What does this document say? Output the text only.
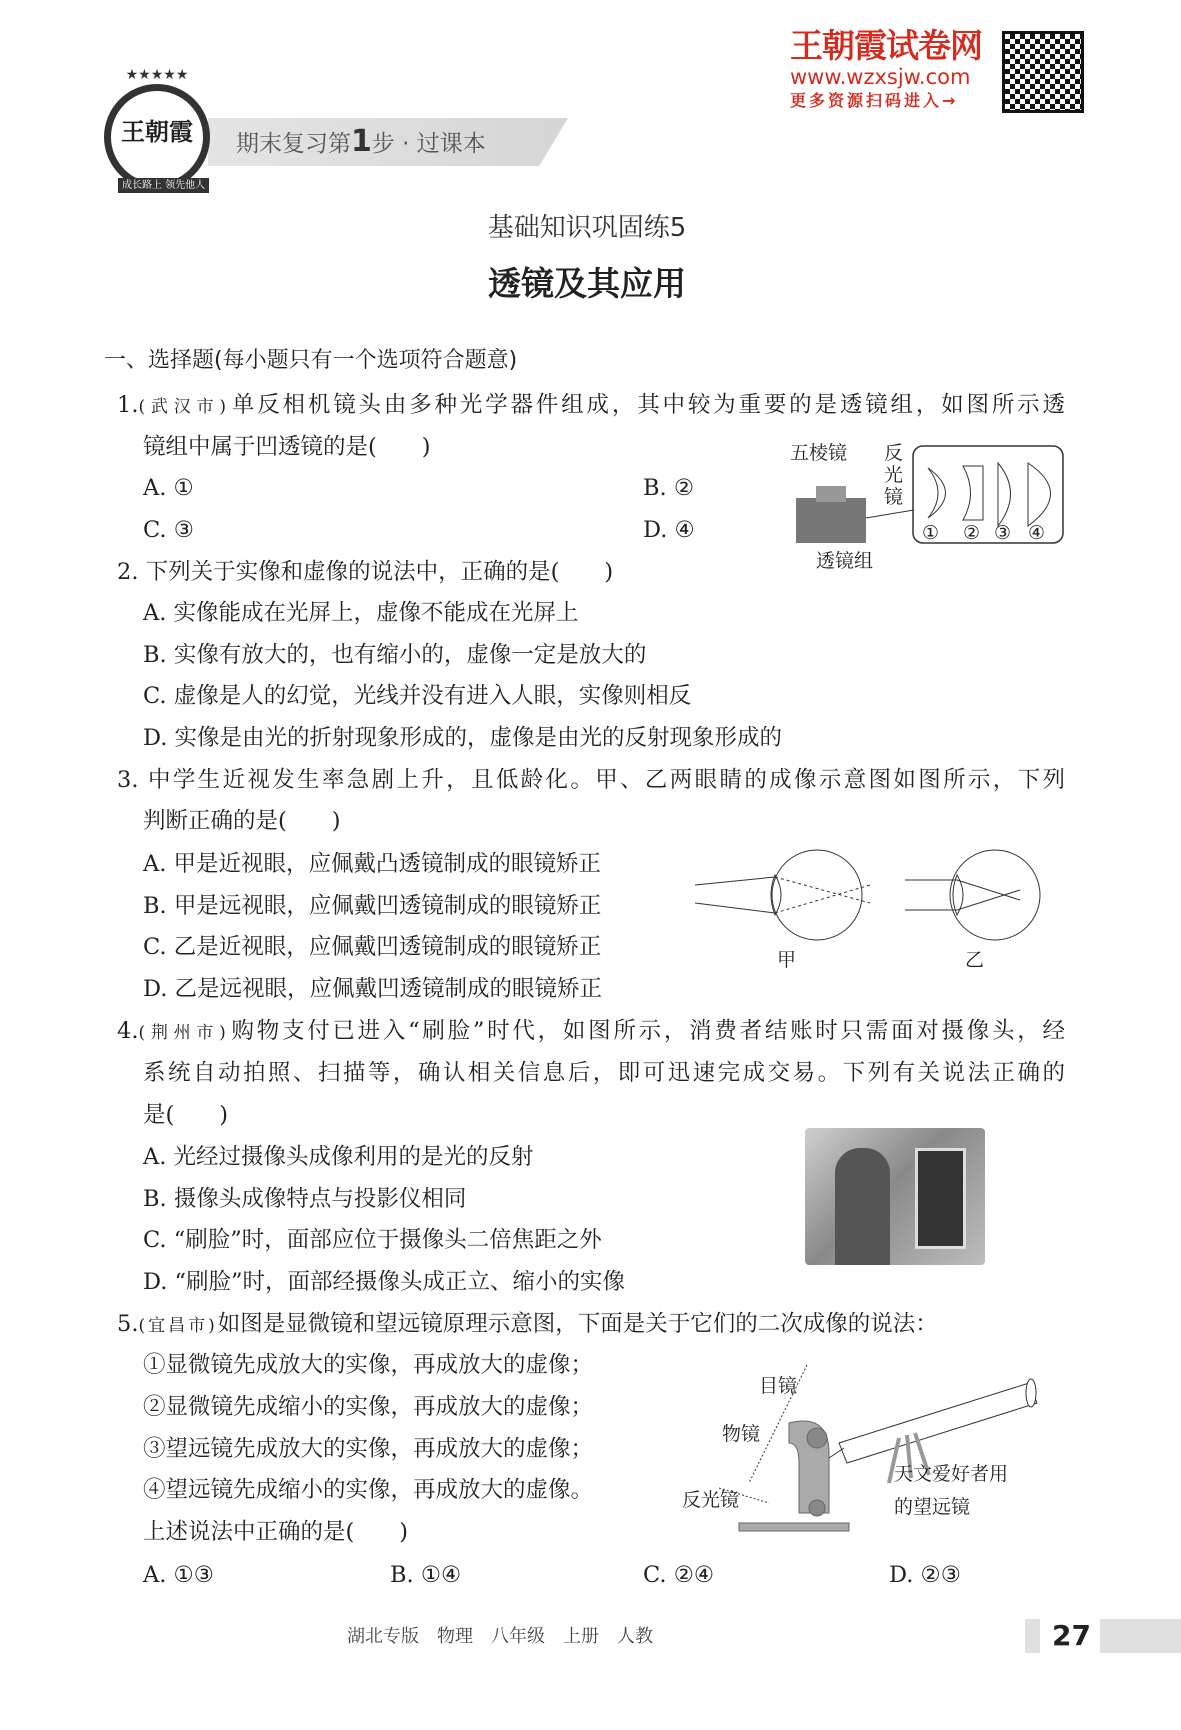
期末复习第1步 · 过课本
★★★★★
王朝霞
成长路上 领先他人
王朝霞试卷网
www.wzxsjw.com
更多资源扫码进入→
基础知识巩固练5
透镜及其应用
一、选择题(每小题只有一个选项符合题意)
1.(武汉市)单反相机镜头由多种光学器件组成，其中较为重要的是透镜组，如图所示透
镜组中属于凹透镜的是(　　)
A. ①	B. ②
C. ③	D. ④
五棱镜 反光镜
透镜组
① ② ③ ④
2. 下列关于实像和虚像的说法中，正确的是(　　)
A. 实像能成在光屏上，虚像不能成在光屏上
B. 实像有放大的，也有缩小的，虚像一定是放大的
C. 虚像是人的幻觉，光线并没有进入人眼，实像则相反
D. 实像是由光的折射现象形成的，虚像是由光的反射现象形成的
3. 中学生近视发生率急剧上升，且低龄化。甲、乙两眼睛的成像示意图如图所示，下列
判断正确的是(　　)
A. 甲是近视眼，应佩戴凸透镜制成的眼镜矫正
B. 甲是远视眼，应佩戴凹透镜制成的眼镜矫正
C. 乙是近视眼，应佩戴凹透镜制成的眼镜矫正
D. 乙是远视眼，应佩戴凹透镜制成的眼镜矫正
甲	乙
4.(荆州市)购物支付已进入“刷脸”时代，如图所示，消费者结账时只需面对摄像头，经
系统自动拍照、扫描等，确认相关信息后，即可迅速完成交易。下列有关说法正确的
是(　　)
A. 光经过摄像头成像利用的是光的反射
B. 摄像头成像特点与投影仪相同
C. “刷脸”时，面部应位于摄像头二倍焦距之外
D. “刷脸”时，面部经摄像头成正立、缩小的实像
5.(宜昌市)如图是显微镜和望远镜原理示意图，下面是关于它们的二次成像的说法：
①显微镜先成放大的实像，再成放大的虚像；
②显微镜先成缩小的实像，再成放大的虚像；
③望远镜先成放大的实像，再成放大的虚像；
④望远镜先成缩小的实像，再成放大的虚像。
上述说法中正确的是(　　)
A. ①③	B. ①④	C. ②④	D. ②③
目镜
物镜
反光镜
天文爱好者用
的望远镜
湖北专版　物理　八年级　上册　人教	27
